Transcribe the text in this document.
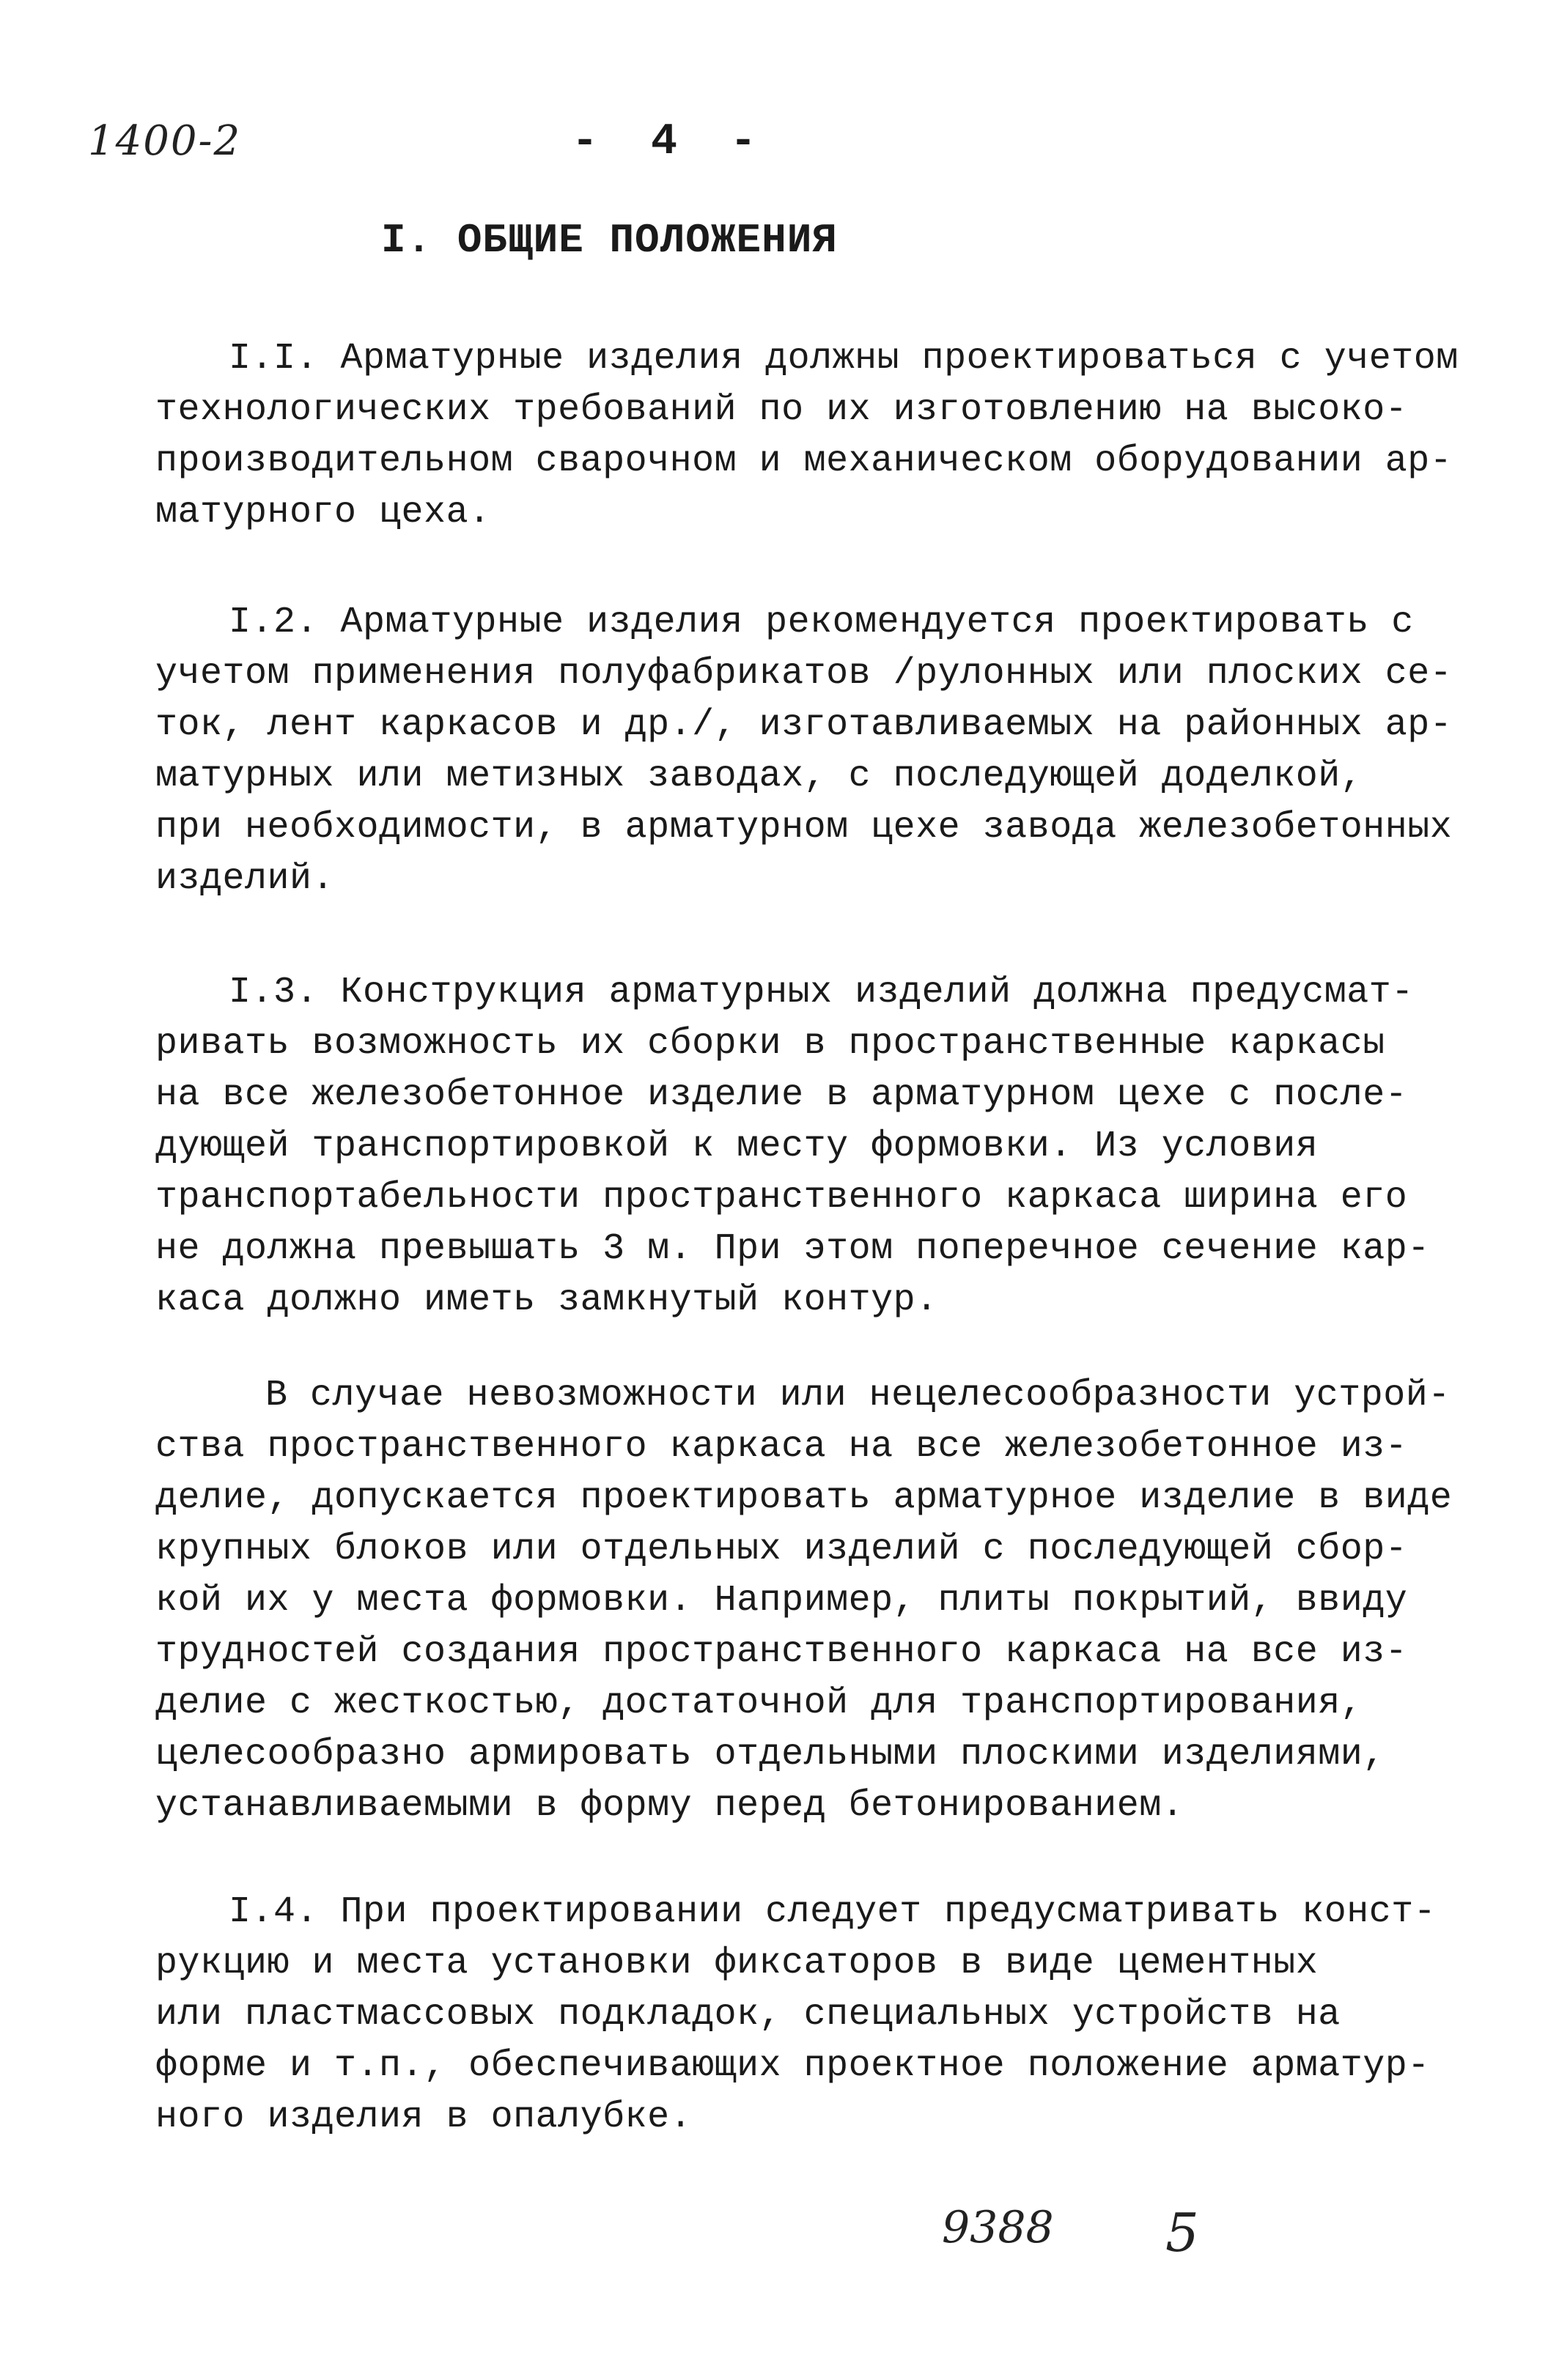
1400-2	- 4 -
I. ОБЩИЕ ПОЛОЖЕНИЯ
I.I. Арматурные изделия должны проектироваться с учетом
технологических требований по их изготовлению на высоко-
производительном сварочном и механическом оборудовании ар-
матурного цеха.
I.2. Арматурные изделия рекомендуется проектировать с
учетом применения полуфабрикатов /рулонных или плоских се-
ток, лент каркасов и др./, изготавливаемых на районных ар-
матурных или метизных заводах, с последующей доделкой,
при необходимости, в арматурном цехе завода железобетонных
изделий.
I.3. Конструкция арматурных изделий должна предусмат-
ривать возможность их сборки в пространственные каркасы
на все железобетонное изделие в арматурном цехе с после-
дующей транспортировкой к месту формовки. Из условия
транспортабельности пространственного каркаса ширина его
не должна превышать 3 м. При этом поперечное сечение кар-
каса должно иметь замкнутый контур.
В случае невозможности или нецелесообразности устрой-
ства пространственного каркаса на все железобетонное из-
делие, допускается проектировать арматурное изделие в виде
крупных блоков или отдельных изделий с последующей сбор-
кой их у места формовки. Например, плиты покрытий, ввиду
трудностей создания пространственного каркаса на все из-
делие с жесткостью, достаточной для транспортирования,
целесообразно армировать отдельными плоскими изделиями,
устанавливаемыми в форму перед бетонированием.
I.4. При проектировании следует предусматривать конст-
рукцию и места установки фиксаторов в виде цементных
или пластмассовых подкладок, специальных устройств на
форме и т.п., обеспечивающих проектное положение арматур-
ного изделия в опалубке.
9388 5
